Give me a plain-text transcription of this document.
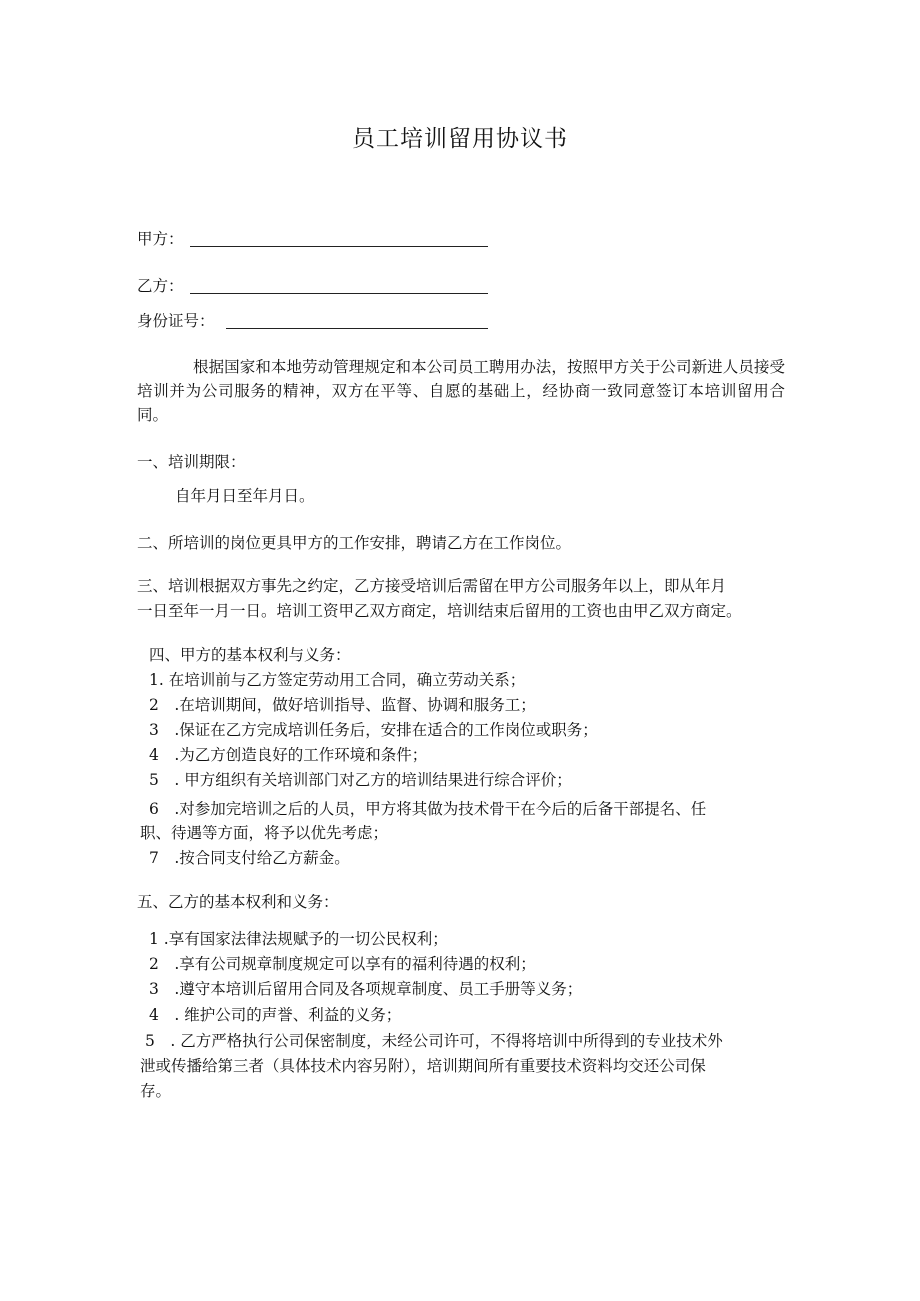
员工培训留用协议书
甲方：
乙方：
身份证号：
根据国家和本地劳动管理规定和本公司员工聘用办法，按照甲方关于公司新进人员接受培训并为公司服务的精神，双方在平等、自愿的基础上，经协商一致同意签订本培训留用合同。
一、培训期限：
自年月日至年月日。
二、所培训的岗位更具甲方的工作安排，聘请乙方在工作岗位。
三、培训根据双方事先之约定，乙方接受培训后需留在甲方公司服务年以上，即从年月
一日至年一月一日。培训工资甲乙双方商定，培训结束后留用的工资也由甲乙双方商定。
四、甲方的基本权利与义务：
1. 在培训前与乙方签定劳动用工合同，确立劳动关系；
2　.在培训期间，做好培训指导、监督、协调和服务工；
3　.保证在乙方完成培训任务后，安排在适合的工作岗位或职务；
4　.为乙方创造良好的工作环境和条件；
5　. 甲方组织有关培训部门对乙方的培训结果进行综合评价；
6　.对参加完培训之后的人员，甲方将其做为技术骨干在今后的后备干部提名、任
职、待遇等方面，将予以优先考虑；
7　.按合同支付给乙方薪金。
五、乙方的基本权利和义务：
1 .享有国家法律法规赋予的一切公民权利；
2　.享有公司规章制度规定可以享有的福利待遇的权利；
3　.遵守本培训后留用合同及各项规章制度、员工手册等义务；
4　. 维护公司的声誉、利益的义务；
5　. 乙方严格执行公司保密制度，未经公司许可，不得将培训中所得到的专业技术外
泄或传播给第三者（具体技术内容另附），培训期间所有重要技术资料均交还公司保
存。
